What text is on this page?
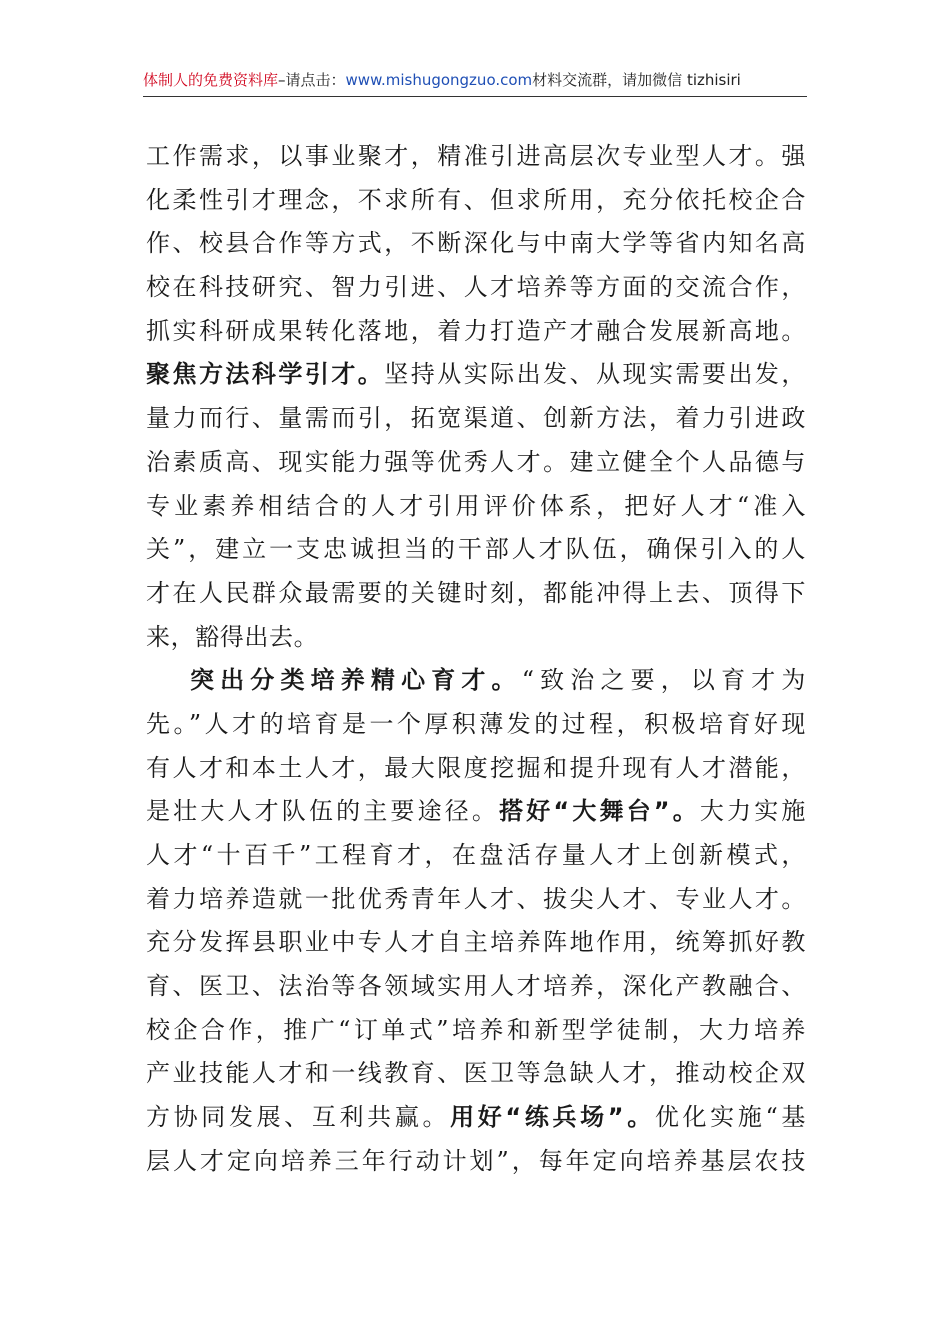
体制人的免费资料库–请点击：www.mishugongzuo.com材料交流群，请加微信 tizhisiri
工作需求，以事业聚才，精准引进高层次专业型人才。强
化柔性引才理念，不求所有、但求所用，充分依托校企合
作、校县合作等方式，不断深化与中南大学等省内知名高
校在科技研究、智力引进、人才培养等方面的交流合作，
抓实科研成果转化落地，着力打造产才融合发展新高地。
聚焦方法科学引才。坚持从实际出发、从现实需要出发，
量力而行、量需而引，拓宽渠道、创新方法，着力引进政
治素质高、现实能力强等优秀人才。建立健全个人品德与
专业素养相结合的人才引用评价体系，把好人才“准入
关”，建立一支忠诚担当的干部人才队伍，确保引入的人
才在人民群众最需要的关键时刻，都能冲得上去、顶得下
来，豁得出去。
突出分类培养精心育才。“致治之要，以育才为
先。”人才的培育是一个厚积薄发的过程，积极培育好现
有人才和本土人才，最大限度挖掘和提升现有人才潜能，
是壮大人才队伍的主要途径。搭好“大舞台”。大力实施
人才“十百千”工程育才，在盘活存量人才上创新模式，
着力培养造就一批优秀青年人才、拔尖人才、专业人才。
充分发挥县职业中专人才自主培养阵地作用，统筹抓好教
育、医卫、法治等各领域实用人才培养，深化产教融合、
校企合作，推广“订单式”培养和新型学徒制，大力培养
产业技能人才和一线教育、医卫等急缺人才，推动校企双
方协同发展、互利共赢。用好“练兵场”。优化实施“基
层人才定向培养三年行动计划”，每年定向培养基层农技
